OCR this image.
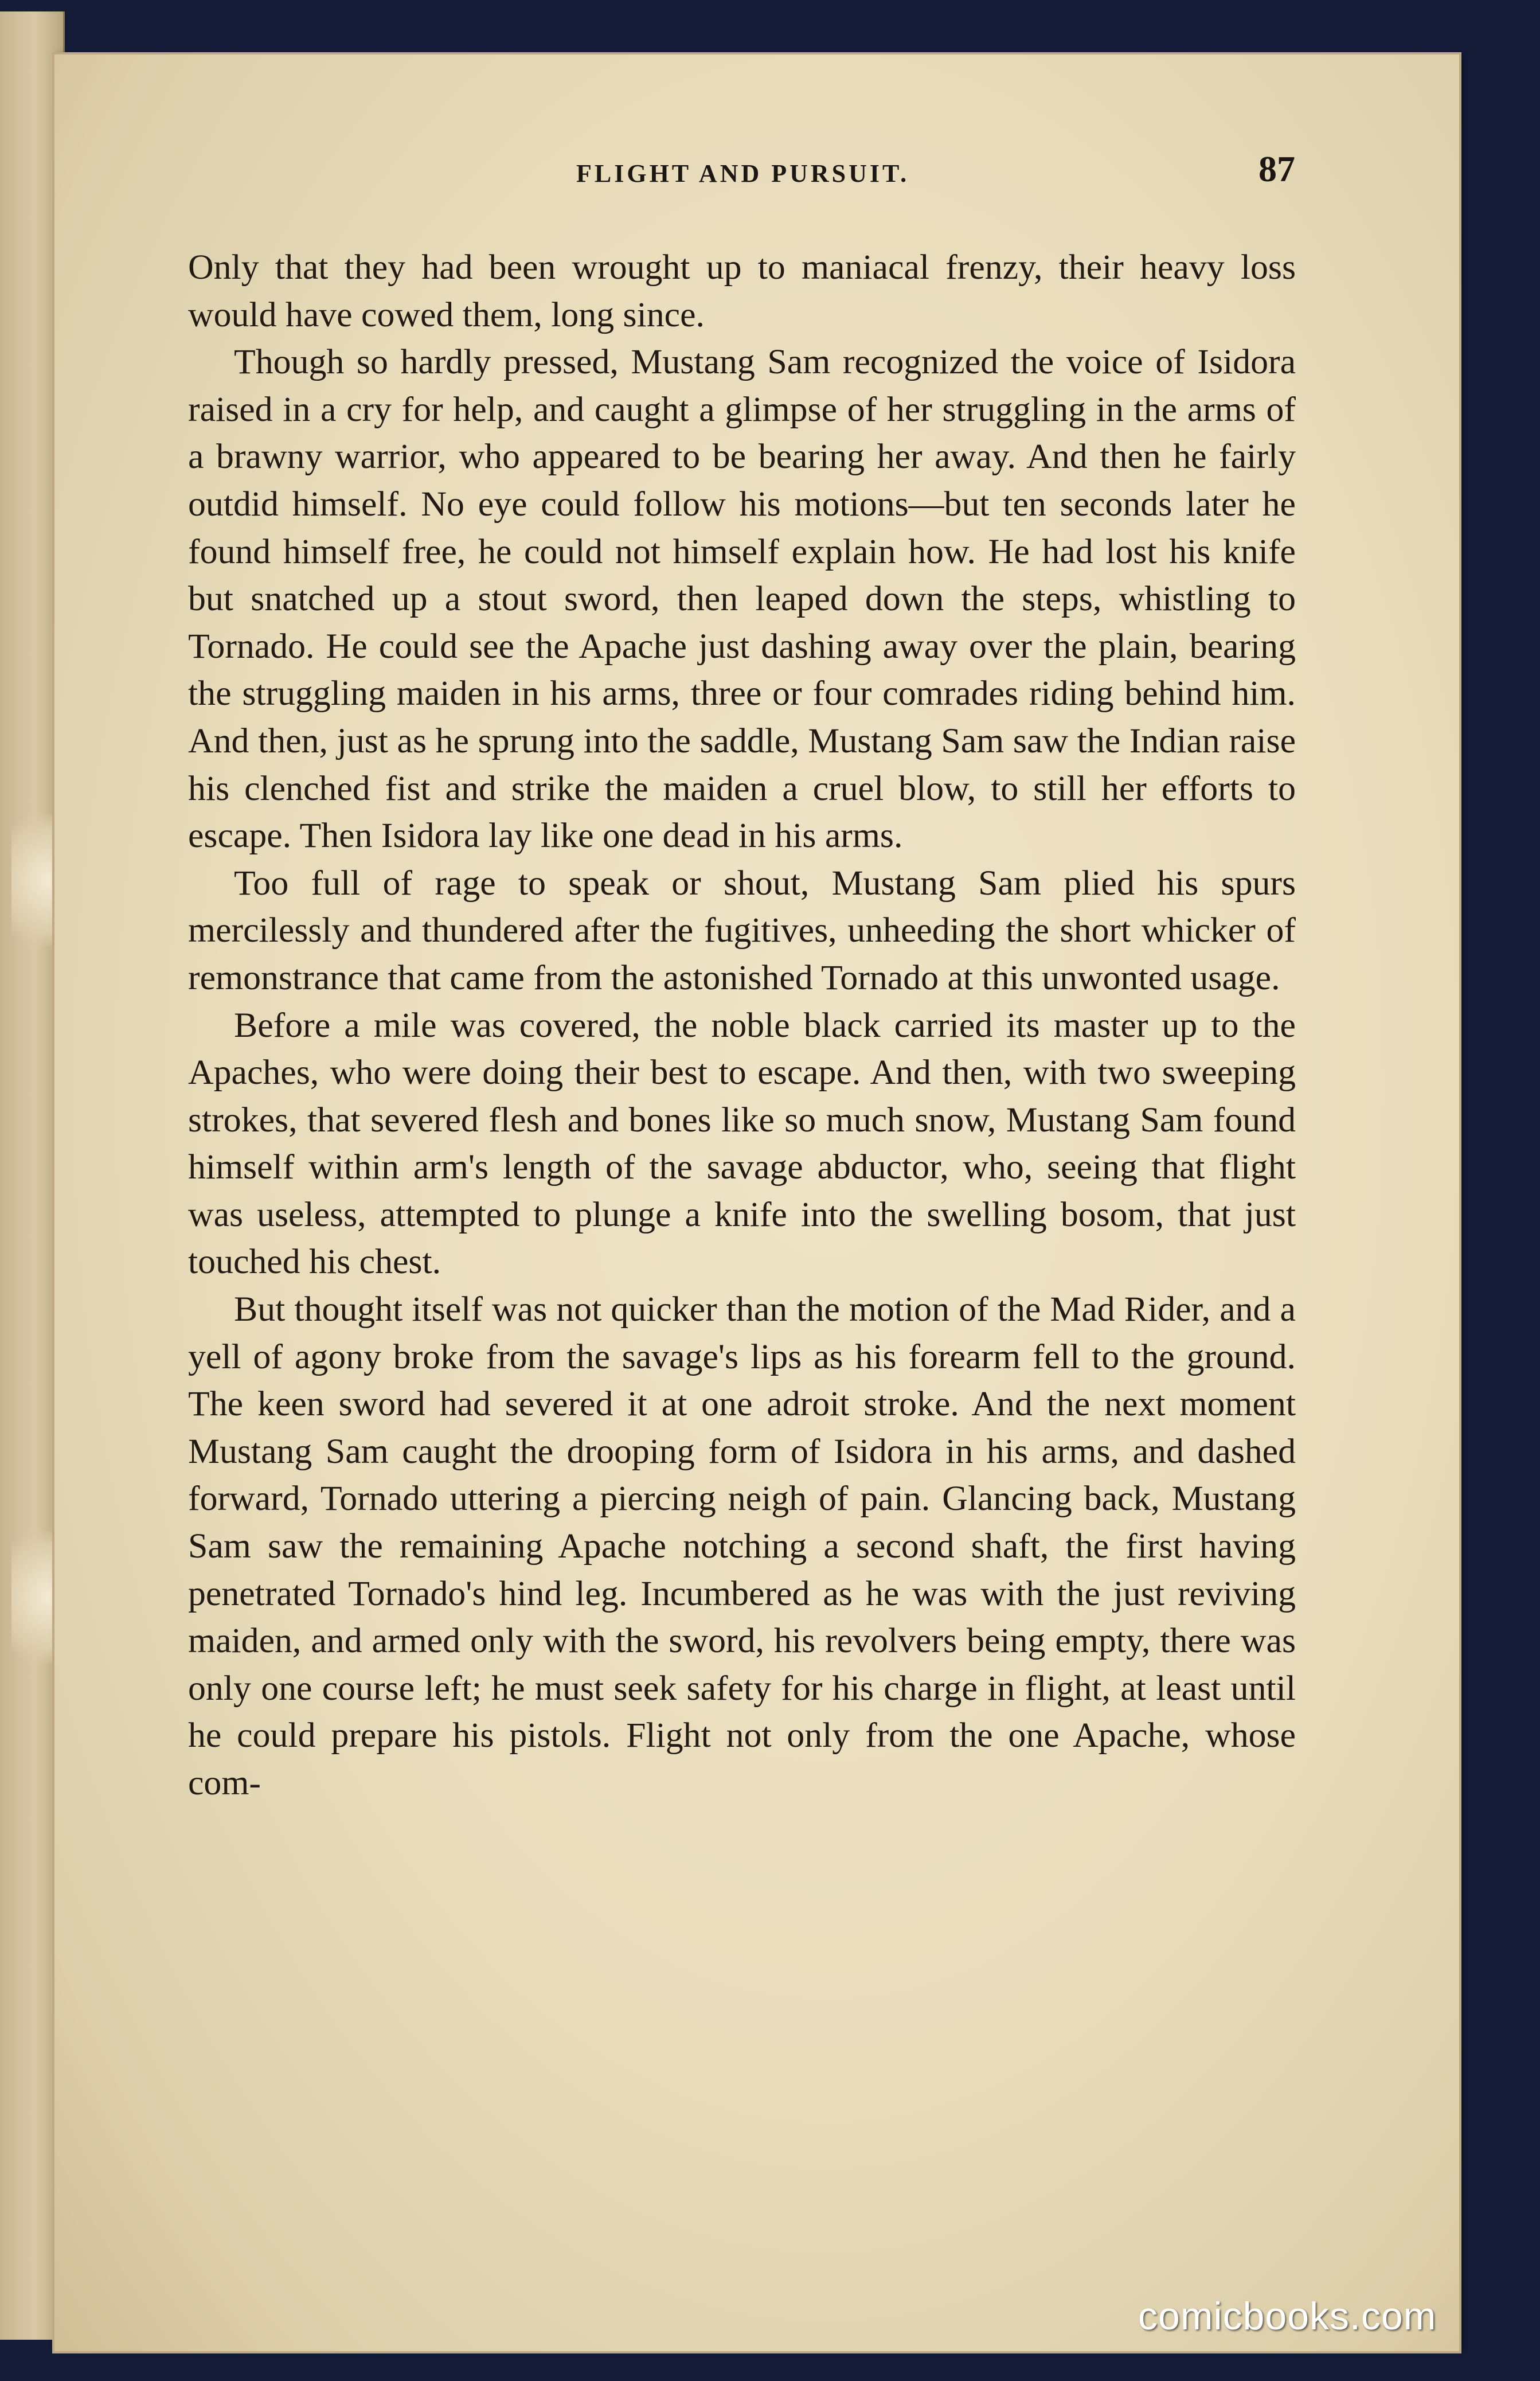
FLIGHT AND PURSUIT.	87

Only that they had been wrought up to maniacal frenzy, their heavy loss would have cowed them, long since.

Though so hardly pressed, Mustang Sam recognized the voice of Isidora raised in a cry for help, and caught a glimpse of her struggling in the arms of a brawny warrior, who appeared to be bearing her away. And then he fairly outdid himself. No eye could follow his motions—but ten seconds later he found himself free, he could not himself explain how. He had lost his knife but snatched up a stout sword, then leaped down the steps, whistling to Tornado. He could see the Apache just dashing away over the plain, bearing the struggling maiden in his arms, three or four comrades riding behind him. And then, just as he sprung into the saddle, Mustang Sam saw the Indian raise his clenched fist and strike the maiden a cruel blow, to still her efforts to escape. Then Isidora lay like one dead in his arms.

Too full of rage to speak or shout, Mustang Sam plied his spurs mercilessly and thundered after the fugitives, unheeding the short whicker of remonstrance that came from the astonished Tornado at this unwonted usage.

Before a mile was covered, the noble black carried its master up to the Apaches, who were doing their best to escape. And then, with two sweeping strokes, that severed flesh and bones like so much snow, Mustang Sam found himself within arm's length of the savage abductor, who, seeing that flight was useless, attempted to plunge a knife into the swelling bosom, that just touched his chest.

But thought itself was not quicker than the motion of the Mad Rider, and a yell of agony broke from the savage's lips as his forearm fell to the ground. The keen sword had severed it at one adroit stroke. And the next moment Mustang Sam caught the drooping form of Isidora in his arms, and dashed forward, Tornado uttering a piercing neigh of pain. Glancing back, Mustang Sam saw the remaining Apache notching a second shaft, the first having penetrated Tornado's hind leg. Incumbered as he was with the just reviving maiden, and armed only with the sword, his revolvers being empty, there was only one course left; he must seek safety for his charge in flight, at least until he could prepare his pistols. Flight not only from the one Apache, whose com-

comicbooks.com
